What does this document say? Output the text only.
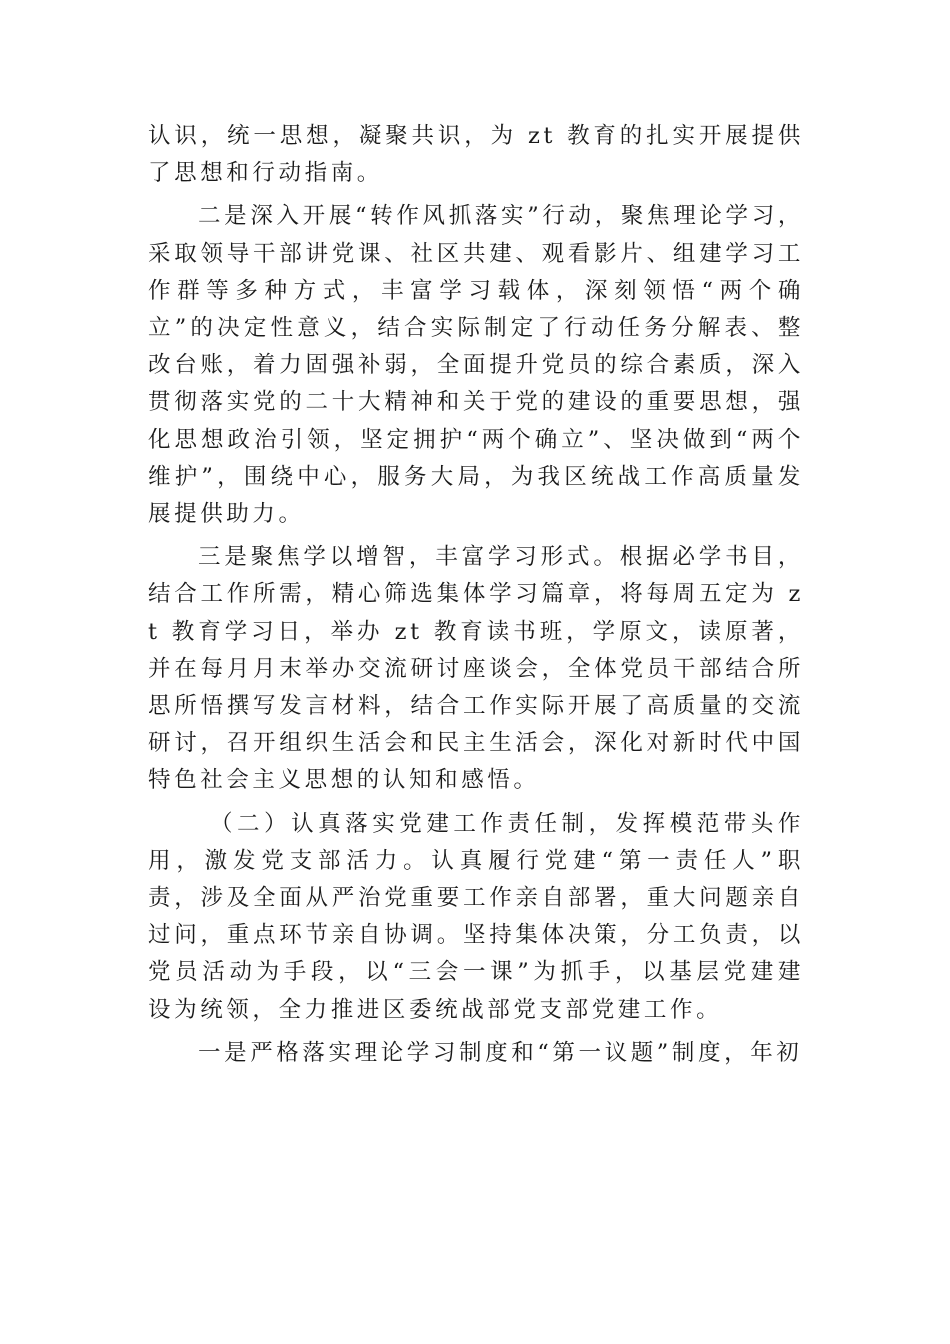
认识，统一思想，凝聚共识，为 zt 教育的扎实开展提供了思想和行动指南。

二是深入开展“转作风抓落实”行动，聚焦理论学习，采取领导干部讲党课、社区共建、观看影片、组建学习工作群等多种方式，丰富学习载体，深刻领悟“两个确立”的决定性意义，结合实际制定了行动任务分解表、整改台账，着力固强补弱，全面提升党员的综合素质，深入贯彻落实党的二十大精神和关于党的建设的重要思想，强化思想政治引领，坚定拥护“两个确立”、坚决做到“两个维护”，围绕中心，服务大局，为我区统战工作高质量发展提供助力。

三是聚焦学以增智，丰富学习形式。根据必学书目，结合工作所需，精心筛选集体学习篇章，将每周五定为 zt 教育学习日，举办 zt 教育读书班，学原文，读原著，并在每月月末举办交流研讨座谈会，全体党员干部结合所思所悟撰写发言材料，结合工作实际开展了高质量的交流研讨，召开组织生活会和民主生活会，深化对新时代中国特色社会主义思想的认知和感悟。

（二）认真落实党建工作责任制，发挥模范带头作用，激发党支部活力。认真履行党建“第一责任人”职责，涉及全面从严治党重要工作亲自部署，重大问题亲自过问，重点环节亲自协调。坚持集体决策，分工负责，以党员活动为手段，以“三会一课”为抓手，以基层党建建设为统领，全力推进区委统战部党支部党建工作。

一是严格落实理论学习制度和“第一议题”制度，年初
